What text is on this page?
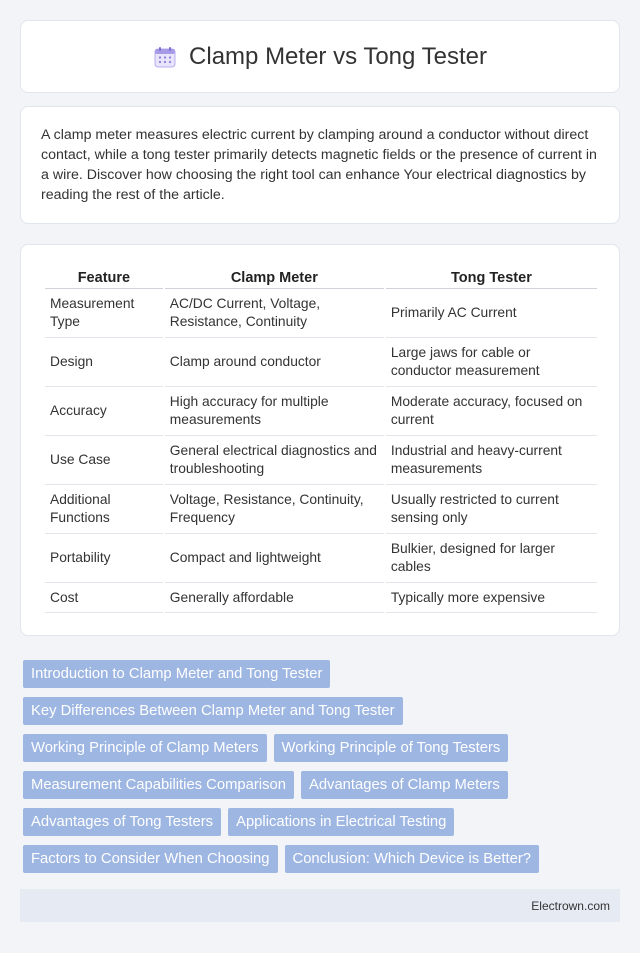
Clamp Meter vs Tong Tester

A clamp meter measures electric current by clamping around a conductor without direct contact, while a tong tester primarily detects magnetic fields or the presence of current in a wire. Discover how choosing the right tool can enhance Your electrical diagnostics by reading the rest of the article.

Feature	Clamp Meter	Tong Tester
Measurement Type	AC/DC Current, Voltage, Resistance, Continuity	Primarily AC Current
Design	Clamp around conductor	Large jaws for cable or conductor measurement
Accuracy	High accuracy for multiple measurements	Moderate accuracy, focused on current
Use Case	General electrical diagnostics and troubleshooting	Industrial and heavy-current measurements
Additional Functions	Voltage, Resistance, Continuity, Frequency	Usually restricted to current sensing only
Portability	Compact and lightweight	Bulkier, designed for larger cables
Cost	Generally affordable	Typically more expensive
Introduction to Clamp Meter and Tong Tester
Key Differences Between Clamp Meter and Tong Tester
Working Principle of Clamp Meters	Working Principle of Tong Testers
Measurement Capabilities Comparison	Advantages of Clamp Meters
Advantages of Tong Testers	Applications in Electrical Testing
Factors to Consider When Choosing	Conclusion: Which Device is Better?
Electrown.com
